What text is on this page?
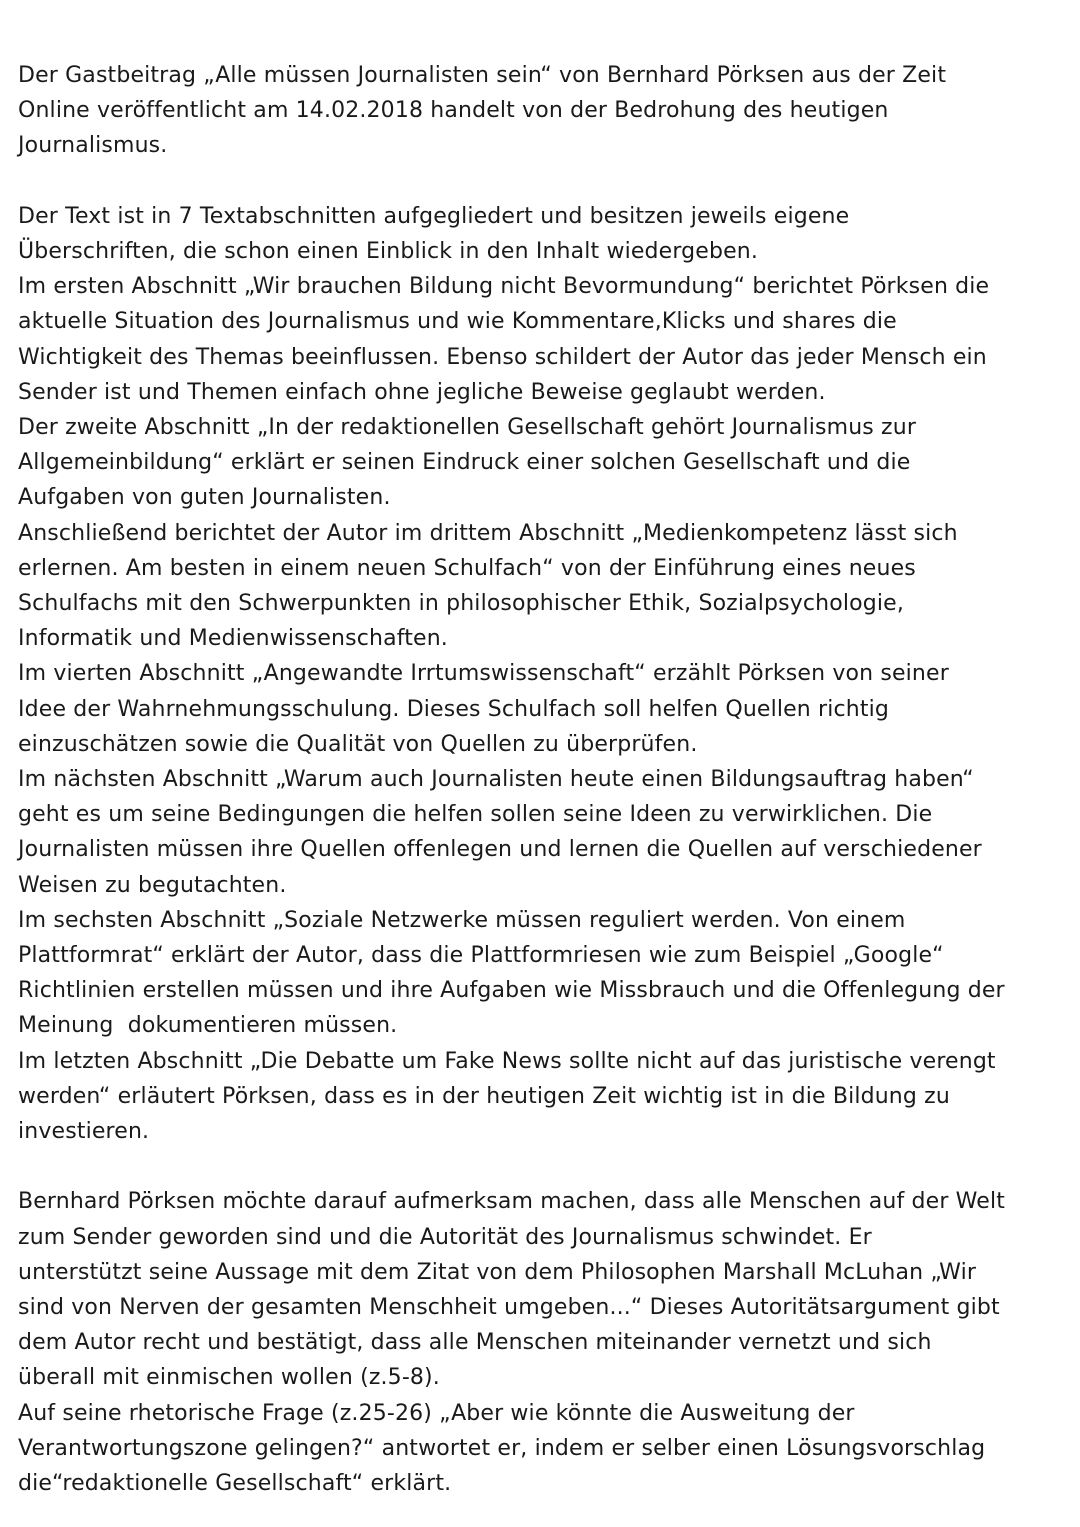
Der Gastbeitrag „Alle müssen Journalisten sein“ von Bernhard Pörksen aus der Zeit
Online veröffentlicht am 14.02.2018 handelt von der Bedrohung des heutigen
Journalismus.
Der Text ist in 7 Textabschnitten aufgegliedert und besitzen jeweils eigene
Überschriften, die schon einen Einblick in den Inhalt wiedergeben.
Im ersten Abschnitt „Wir brauchen Bildung nicht Bevormundung“ berichtet Pörksen die
aktuelle Situation des Journalismus und wie Kommentare,Klicks und shares die
Wichtigkeit des Themas beeinflussen. Ebenso schildert der Autor das jeder Mensch ein
Sender ist und Themen einfach ohne jegliche Beweise geglaubt werden.
Der zweite Abschnitt „In der redaktionellen Gesellschaft gehört Journalismus zur
Allgemeinbildung“ erklärt er seinen Eindruck einer solchen Gesellschaft und die
Aufgaben von guten Journalisten.
Anschließend berichtet der Autor im drittem Abschnitt „Medienkompetenz lässt sich
erlernen. Am besten in einem neuen Schulfach“ von der Einführung eines neues
Schulfachs mit den Schwerpunkten in philosophischer Ethik, Sozialpsychologie,
Informatik und Medienwissenschaften.
Im vierten Abschnitt „Angewandte Irrtumswissenschaft“ erzählt Pörksen von seiner
Idee der Wahrnehmungsschulung. Dieses Schulfach soll helfen Quellen richtig
einzuschätzen sowie die Qualität von Quellen zu überprüfen.
Im nächsten Abschnitt „Warum auch Journalisten heute einen Bildungsauftrag haben“
geht es um seine Bedingungen die helfen sollen seine Ideen zu verwirklichen. Die
Journalisten müssen ihre Quellen offenlegen und lernen die Quellen auf verschiedener
Weisen zu begutachten.
Im sechsten Abschnitt „Soziale Netzwerke müssen reguliert werden. Von einem
Plattformrat“ erklärt der Autor, dass die Plattformriesen wie zum Beispiel „Google“
Richtlinien erstellen müssen und ihre Aufgaben wie Missbrauch und die Offenlegung der
Meinung  dokumentieren müssen.
Im letzten Abschnitt „Die Debatte um Fake News sollte nicht auf das juristische verengt
werden“ erläutert Pörksen, dass es in der heutigen Zeit wichtig ist in die Bildung zu
investieren.
Bernhard Pörksen möchte darauf aufmerksam machen, dass alle Menschen auf der Welt
zum Sender geworden sind und die Autorität des Journalismus schwindet. Er
unterstützt seine Aussage mit dem Zitat von dem Philosophen Marshall McLuhan „Wir
sind von Nerven der gesamten Menschheit umgeben...“ Dieses Autoritätsargument gibt
dem Autor recht und bestätigt, dass alle Menschen miteinander vernetzt und sich
überall mit einmischen wollen (z.5-8).
Auf seine rhetorische Frage (z.25-26) „Aber wie könnte die Ausweitung der
Verantwortungszone gelingen?“ antwortet er, indem er selber einen Lösungsvorschlag
die“redaktionelle Gesellschaft“ erklärt.
